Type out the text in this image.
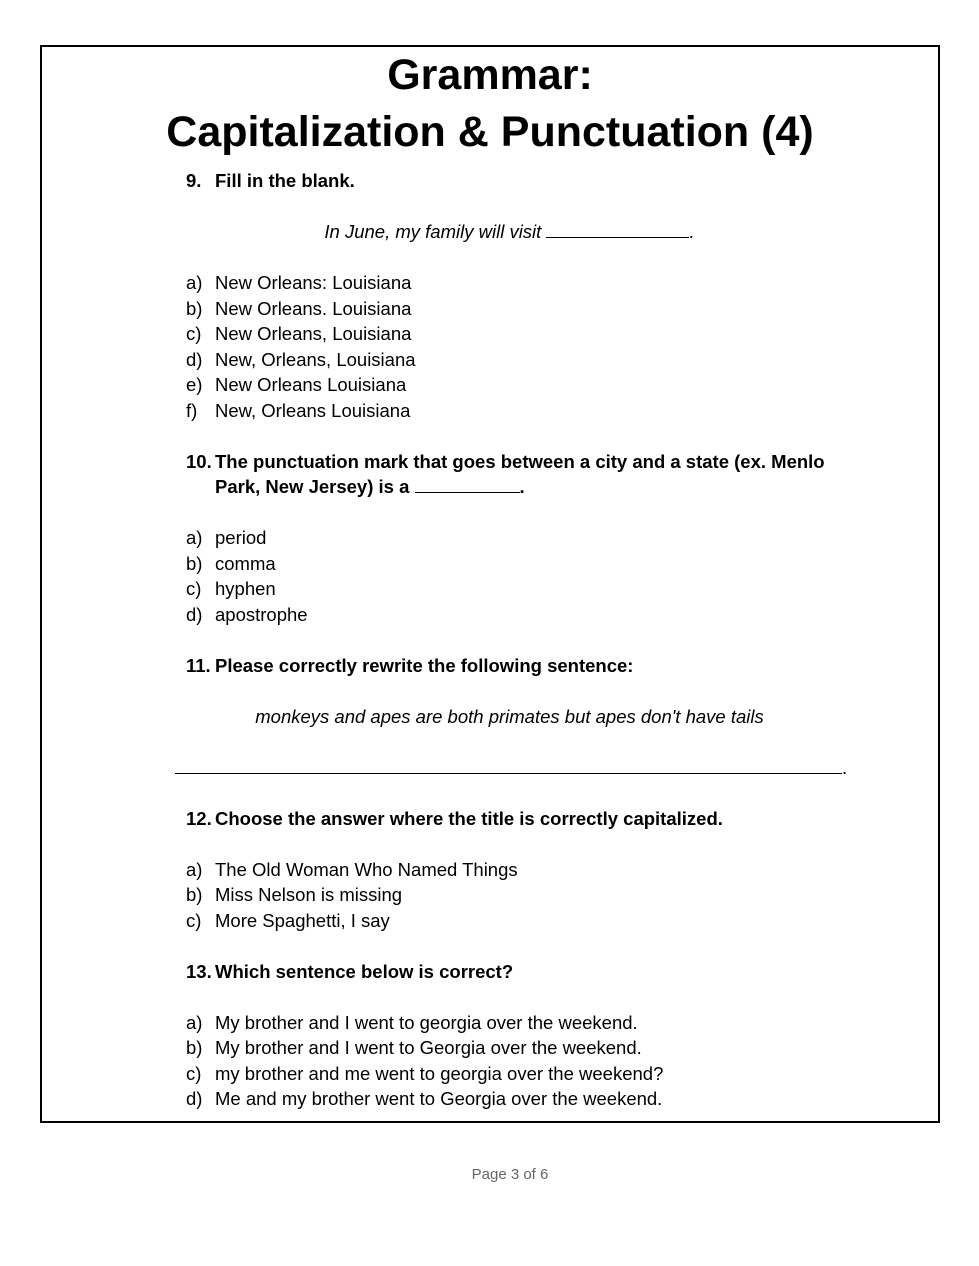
Grammar:
Capitalization & Punctuation (4)
9. Fill in the blank.
In June, my family will visit	.
a) New Orleans: Louisiana
b) New Orleans. Louisiana
c) New Orleans, Louisiana
d) New, Orleans, Louisiana
e) New Orleans Louisiana
f) New, Orleans Louisiana
10. The punctuation mark that goes between a city and a state (ex. Menlo
Park, New Jersey) is a	.
a) period
b) comma
c) hyphen
d) apostrophe
11. Please correctly rewrite the following sentence:
monkeys and apes are both primates but apes don't have tails
.
12. Choose the answer where the title is correctly capitalized.
a) The Old Woman Who Named Things
b) Miss Nelson is missing
c) More Spaghetti, I say
13. Which sentence below is correct?
a) My brother and I went to georgia over the weekend.
b) My brother and I went to Georgia over the weekend.
c) my brother and me went to georgia over the weekend?
d) Me and my brother went to Georgia over the weekend.
Page 3 of 6
